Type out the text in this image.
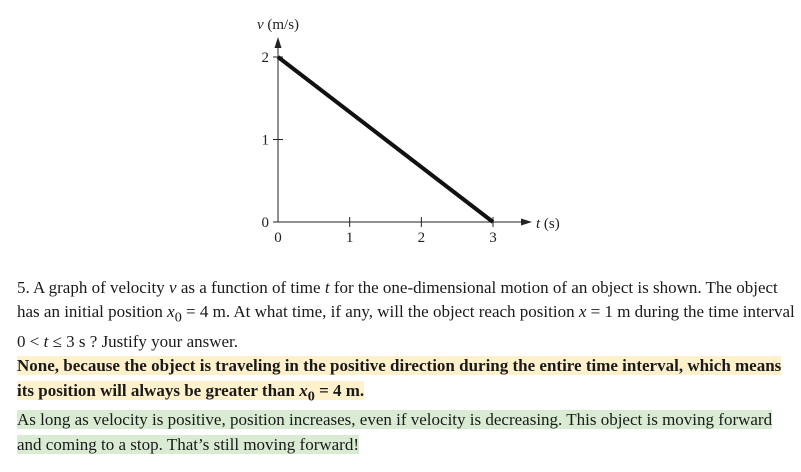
0	1	2	3
0
1
2
v (m/s)
t (s)

5. A graph of velocity v as a function of time t for the one-dimensional motion of an object is shown. The object has an initial position $x_0 = 4$ m. At what time, if any, will the object reach position x = 1 m during the time interval 0 < t ≤ 3 s ? Justify your answer.

None, because the object is traveling in the positive direction during the entire time interval, which means its position will always be greater than $x_0 = 4$ m.

As long as velocity is positive, position increases, even if velocity is decreasing. This object is moving forward and coming to a stop. That’s still moving forward!
